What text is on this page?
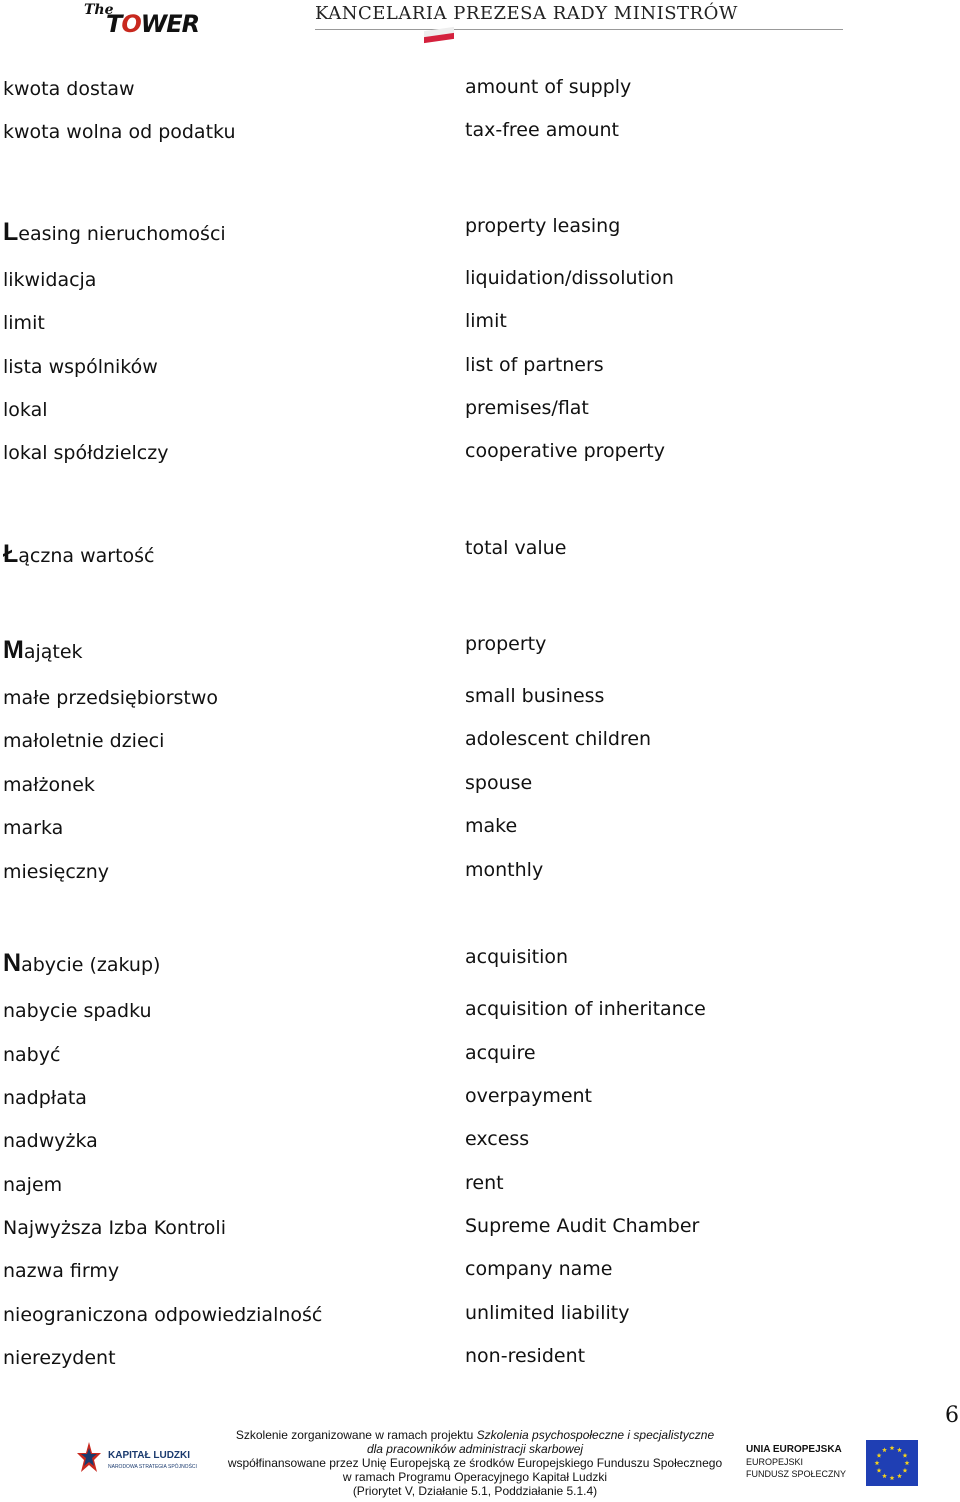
The
TOWER	KANCELARIA PREZESA RADY MINISTRÓW
kwota dostaw	amount of supply
kwota wolna od podatku	tax-free amount
Leasing nieruchomości	property leasing
likwidacja	liquidation/dissolution
limit	limit
lista wspólników	list of partners
lokal	premises/flat
lokal spółdzielczy	cooperative property
Łączna wartość	total value
Majątek	property
małe przedsiębiorstwo	small business
małoletnie dzieci	adolescent children
małżonek	spouse
marka	make
miesięczny	monthly
Nabycie (zakup)	acquisition
nabycie spadku	acquisition of inheritance
nabyć	acquire
nadpłata	overpayment
nadwyżka	excess
najem	rent
Najwyższa Izba Kontroli	Supreme Audit Chamber
nazwa firmy	company name
nieograniczona odpowiedzialność	unlimited liability
nierezydent	non-resident
6
KAPITAŁ LUDZKI
NARODOWA STRATEGIA SPÓJNOŚCI
Szkolenie zorganizowane w ramach projektu Szkolenia psychospołeczne i specjalistyczne
dla pracowników administracji skarbowej
współfinansowane przez Unię Europejską ze środków Europejskiego Funduszu Społecznego
w ramach Programu Operacyjnego Kapitał Ludzki
(Priorytet V, Działanie 5.1, Poddziałanie 5.1.4)
UNIA EUROPEJSKA
EUROPEJSKI
FUNDUSZ SPOŁECZNY
